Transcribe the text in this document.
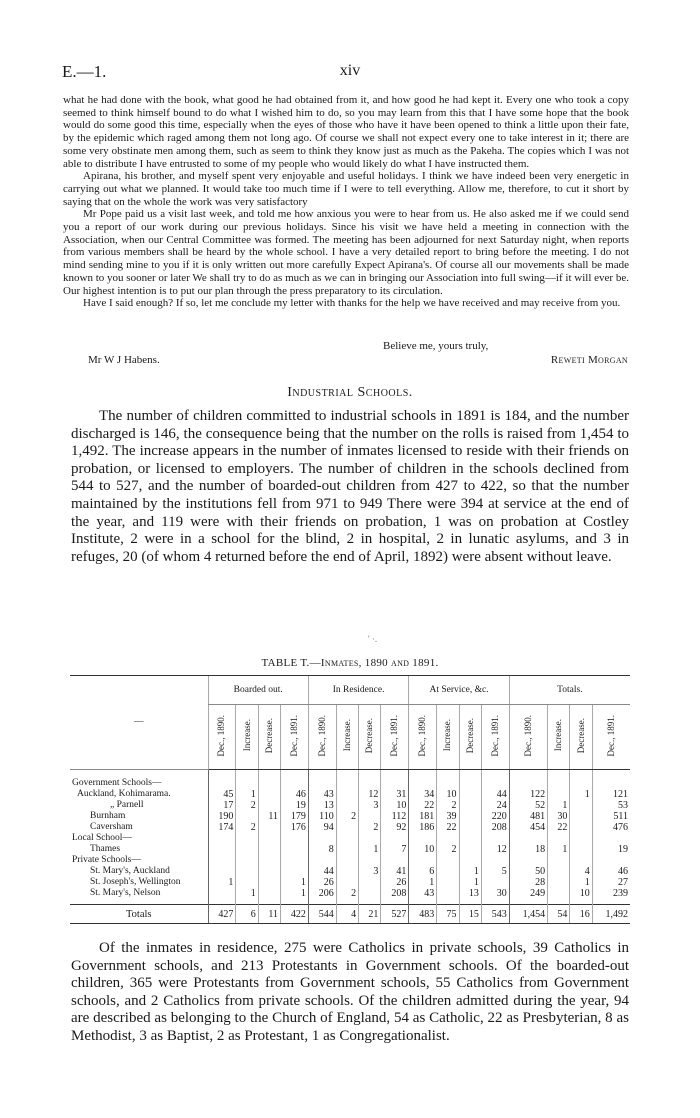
E.—1.	xiv

what he had done with the book, what good he had obtained from it, and how good he had kept it. Every one who took a copy seemed to think himself bound to do what I wished him to do, so you may learn from this that I have some hope that the book would do some good this time, especially when the eyes of those who have it have been opened to think a little upon their fate, by the epidemic which raged among them not long ago. Of course we shall not expect every one to take interest in it; there are some very obstinate men among them, such as seem to think they know just as much as the Pakeha. The copies which I was not able to distribute I have entrusted to some of my people who would likely do what I have instructed them.

Apirana, his brother, and myself spent very enjoyable and useful holidays. I think we have indeed been very energetic in carrying out what we planned. It would take too much time if I were to tell everything. Allow me, therefore, to cut it short by saying that on the whole the work was very satisfactory

Mr Pope paid us a visit last week, and told me how anxious you were to hear from us. He also asked me if we could send you a report of our work during our previous holidays. Since his visit we have held a meeting in connection with the Association, when our Central Committee was formed. The meeting has been adjourned for next Saturday night, when reports from various members shall be heard by the whole school. I have a very detailed report to bring before the meeting. I do not mind sending mine to you if it is only written out more carefully Expect Apirana's. Of course all our movements shall be made known to you sooner or later We shall try to do as much as we can in bringing our Association into full swing—if it will ever be. Our highest intention is to put our plan through the press preparatory to its circulation.

Have I said enough? If so, let me conclude my letter with thanks for the help we have received and may receive from you.

Believe me, yours truly,
Mr W J Habens.	Reweti Morgan
Industrial Schools.

The number of children committed to industrial schools in 1891 is 184, and the number discharged is 146, the consequence being that the number on the rolls is raised from 1,454 to 1,492. The increase appears in the number of inmates licensed to reside with their friends on probation, or licensed to employers. The number of children in the schools declined from 544 to 527, and the number of boarded-out children from 427 to 422, so that the number maintained by the institutions fell from 971 to 949 There were 394 at service at the end of the year, and 119 were with their friends on probation, 1 was on probation at Costley Institute, 2 were in a school for the blind, 2 in hospital, 2 in lunatic asylums, and 3 in refuges, 20 (of whom 4 returned before the end of April, 1892) were absent without leave.

' ·.
TABLE T.—Inmates, 1890 and 1891.
—	Boarded out.				In Residence.				At Service, &c.				Totals.			
	Dec., 1890.	Increase.	Decrease.	Dec., 1891.	Dec., 1890.	Increase.	Decrease.	Dec., 1891.	Dec., 1890.	Increase.	Decrease.	Dec., 1891.	Dec., 1890.	Increase.	Decrease.	Dec., 1891.
Government Schools—																
Auckland, Kohimarama.	45	1		46	43		12	31	34	10		44	122		1	121
„ Parnell	17	2		19	13		3	10	22	2		24	52	1		53
Burnham	190		11	179	110	2		112	181	39		220	481	30		511
Caversham	174	2		176	94		2	92	186	22		208	454	22		476
Local School—																
Thames					8		1	7	10	2		12	18	1		19
Private Schools—																
St. Mary's, Auckland					44		3	41	6		1	5	50		4	46
St. Joseph's, Wellington	1			1	26			26	1		1		28		1	27
St. Mary's, Nelson		1		1	206	2		208	43		13	30	249		10	239
Totals	427	6	11	422	544	4	21	527	483	75	15	543	1,454	54	16	1,492

Of the inmates in residence, 275 were Catholics in private schools, 39 Catholics in Government schools, and 213 Protestants in Government schools. Of the boarded-out children, 365 were Protestants from Government schools, 55 Catholics from Government schools, and 2 Catholics from private schools. Of the children admitted during the year, 94 are described as belonging to the Church of England, 54 as Catholic, 22 as Presbyterian, 8 as Methodist, 3 as Baptist, 2 as Protestant, 1 as Congregationalist.
